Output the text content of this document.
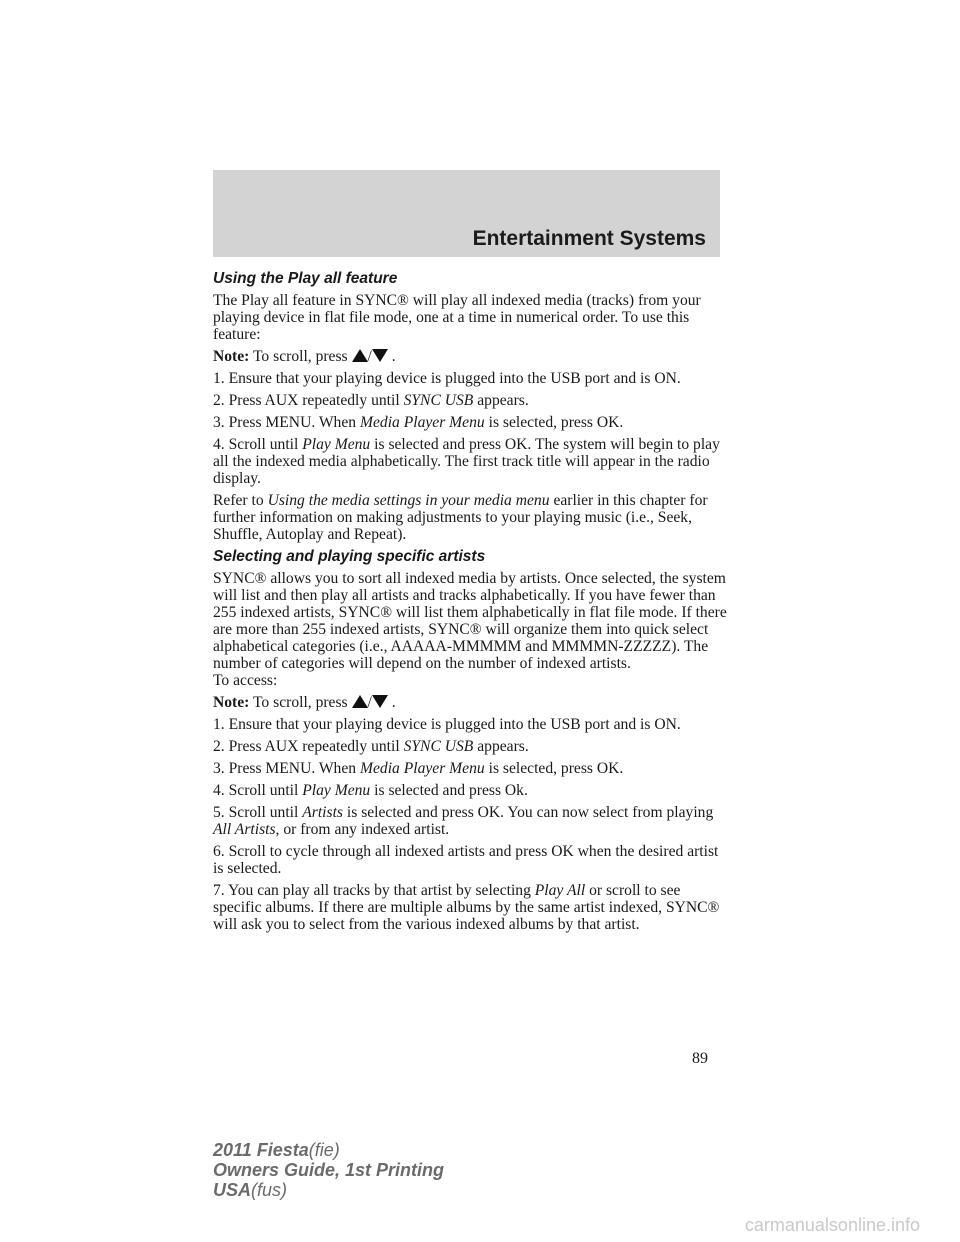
Entertainment Systems
Using the Play all feature

The Play all feature in SYNC® will play all indexed media (tracks) from your playing device in flat file mode, one at a time in numerical order. To use this feature:

Note: To scroll, press / .

1. Ensure that your playing device is plugged into the USB port and is ON.

2. Press AUX repeatedly until SYNC USB appears.

3. Press MENU. When Media Player Menu is selected, press OK.

4. Scroll until Play Menu is selected and press OK. The system will begin to play all the indexed media alphabetically. The first track title will appear in the radio display.

Refer to Using the media settings in your media menu earlier in this chapter for further information on making adjustments to your playing music (i.e., Seek, Shuffle, Autoplay and Repeat).

Selecting and playing specific artists

SYNC® allows you to sort all indexed media by artists. Once selected, the system will list and then play all artists and tracks alphabetically. If you have fewer than 255 indexed artists, SYNC® will list them alphabetically in flat file mode. If there are more than 255 indexed artists, SYNC® will organize them into quick select alphabetical categories (i.e., AAAAA-MMMMM and MMMMN-ZZZZZ). The number of categories will depend on the number of indexed artists.

To access:

Note: To scroll, press / .

1. Ensure that your playing device is plugged into the USB port and is ON.

2. Press AUX repeatedly until SYNC USB appears.

3. Press MENU. When Media Player Menu is selected, press OK.

4. Scroll until Play Menu is selected and press Ok.

5. Scroll until Artists is selected and press OK. You can now select from playing All Artists, or from any indexed artist.

6. Scroll to cycle through all indexed artists and press OK when the desired artist is selected.

7. You can play all tracks by that artist by selecting Play All or scroll to see specific albums. If there are multiple albums by the same artist indexed, SYNC® will ask you to select from the various indexed albums by that artist.

89
2011 Fiesta(fie)
Owners Guide, 1st Printing
USA(fus)
carmanualsonline.info
